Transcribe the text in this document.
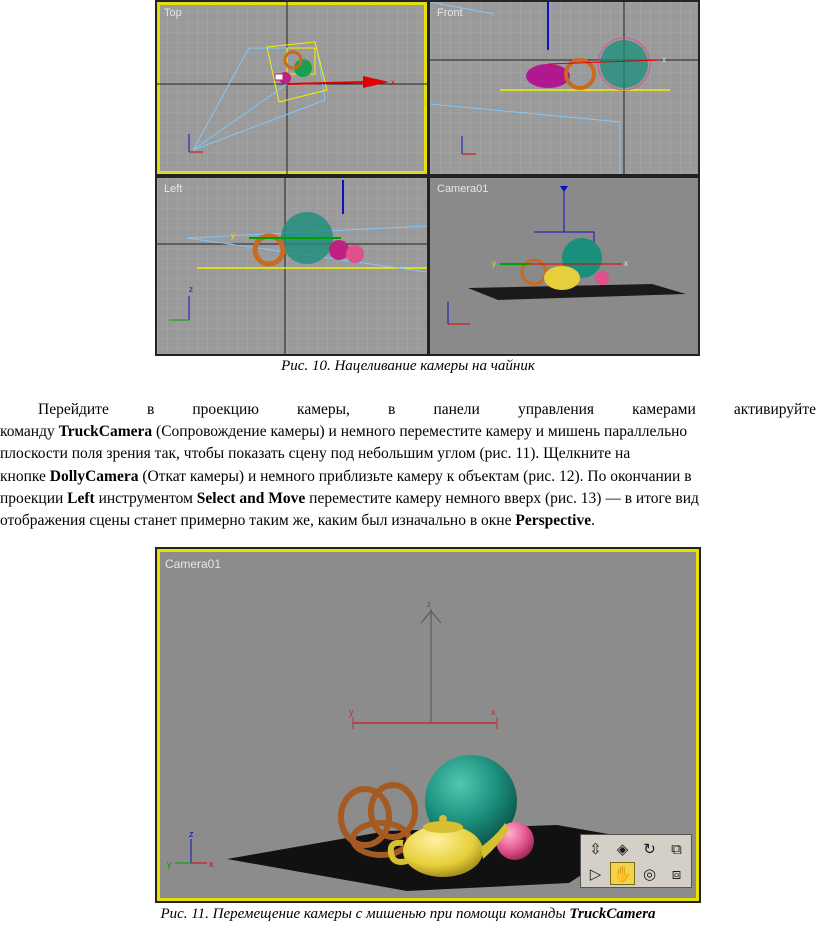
x
Top
x
Front
y
z
Left
y	x
Camera01
Рис. 10. Нацеливание камеры на чайник
Перейдите в проекцию камеры, в панели управления камерами активируйте
команду TruckCamera (Сопровождение камеры) и немного переместите камеру и мишень параллельно
плоскости поля зрения так, чтобы показать сцену под небольшим углом (рис. 11). Щелкните на
кнопке DollyCamera (Откат камеры) и немного приблизьте камеру к объектам (рис. 12). По окончании в
проекции Left инструментом Select and Move переместите камеру немного вверх (рис. 13) — в итоге вид
отображения сцены станет примерно таким же, каким был изначально в окне Perspective .
z
y	x
z
x
y
Camera01
⇳ ◈ ↻	⧉
▷ ✋ ◎	⧈
Рис. 11. Перемещение камеры с мишенью при помощи команды TruckCamera
